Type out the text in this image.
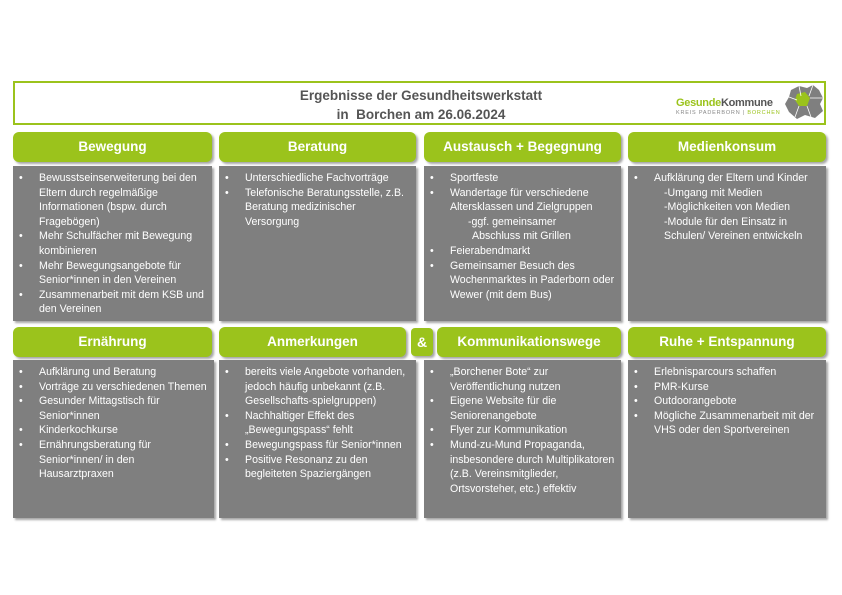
Ergebnisse der Gesundheitswerkstatt
in  Borchen am 26.06.2024
GesundeKommune
KREIS PADERBORN | BORCHEN
Bewegung	Beratung	Austausch + Begegnung	Medienkonsum
• Bewusstseinserweiterung bei den Eltern durch regelmäßige Informationen (bspw. durch Fragebögen)
• Mehr Schulfächer mit Bewegung kombinieren
• Mehr Bewegungsangebote für Senior*innen in den Vereinen
• Zusammenarbeit mit dem KSB und den Vereinen
• Unterschiedliche Fachvorträge
• Telefonische Beratungsstelle, z.B. Beratung medizinischer Versorgung
• Sportfeste
• Wandertage für verschiedene Altersklassen und Zielgruppen
-ggf. gemeinsamer
Abschluss mit Grillen
• Feierabendmarkt
• Gemeinsamer Besuch des Wochenmarktes in Paderborn oder Wewer (mit dem Bus)
• Aufklärung der Eltern und Kinder
-Umgang mit Medien
-Möglichkeiten von Medien
-Module für den Einsatz in Schulen/ Vereinen entwickeln
Ernährung	Anmerkungen	&	Kommunikationswege	Ruhe + Entspannung
• Aufklärung und Beratung
• Vorträge zu verschiedenen Themen
• Gesunder Mittagstisch für Senior*innen
• Kinderkochkurse
• Ernährungsberatung für Senior*innen/ in den Hausarztpraxen
• bereits viele Angebote vorhanden, jedoch häufig unbekannt (z.B. Gesellschafts-spielgruppen)
• Nachhaltiger Effekt des „Bewegungspass“ fehlt
• Bewegungspass für Senior*innen
• Positive Resonanz zu den begleiteten Spaziergängen
• „Borchener Bote“ zur Veröffentlichung nutzen
• Eigene Website für die Seniorenangebote
• Flyer zur Kommunikation
• Mund-zu-Mund Propaganda, insbesondere durch Multiplikatoren (z.B. Vereinsmitglieder, Ortsvorsteher, etc.) effektiv
• Erlebnisparcours schaffen
• PMR-Kurse
• Outdoorangebote
• Mögliche Zusammenarbeit mit der VHS oder den Sportvereinen
